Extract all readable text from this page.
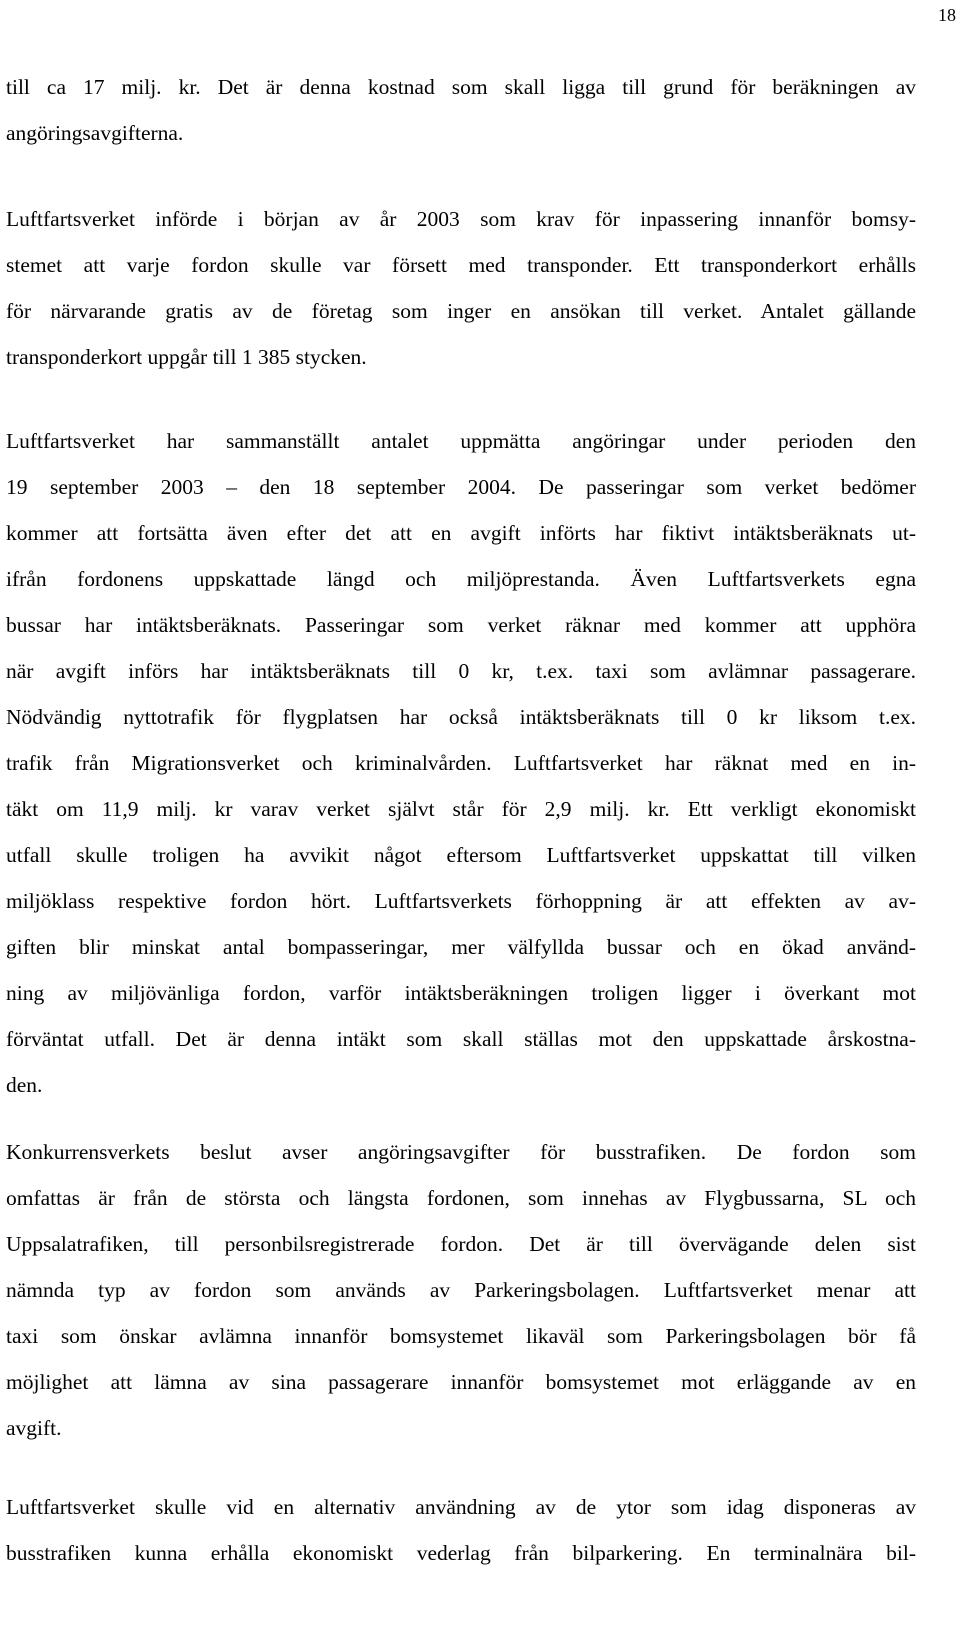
18
till ca 17 milj. kr. Det är denna kostnad som skall ligga till grund för beräkningen av
angöringsavgifterna.
Luftfartsverket införde i början av år 2003 som krav för inpassering innanför bomsy-
stemet att varje fordon skulle var försett med transponder. Ett transponderkort erhålls
för närvarande gratis av de företag som inger en ansökan till verket. Antalet gällande
transponderkort uppgår till 1 385 stycken.
Luftfartsverket har sammanställt antalet uppmätta angöringar under perioden den
19 september 2003 – den 18 september 2004. De passeringar som verket bedömer
kommer att fortsätta även efter det att en avgift införts har fiktivt intäktsberäknats ut-
ifrån fordonens uppskattade längd och miljöprestanda. Även Luftfartsverkets egna
bussar har intäktsberäknats. Passeringar som verket räknar med kommer att upphöra
när avgift införs har intäktsberäknats till 0 kr, t.ex. taxi som avlämnar passagerare.
Nödvändig nyttotrafik för flygplatsen har också intäktsberäknats till 0 kr liksom t.ex.
trafik från Migrationsverket och kriminalvården. Luftfartsverket har räknat med en in-
täkt om 11,9 milj. kr varav verket självt står för 2,9 milj. kr. Ett verkligt ekonomiskt
utfall skulle troligen ha avvikit något eftersom Luftfartsverket uppskattat till vilken
miljöklass respektive fordon hört. Luftfartsverkets förhoppning är att effekten av av-
giften blir minskat antal bompasseringar, mer välfyllda bussar och en ökad använd-
ning av miljövänliga fordon, varför intäktsberäkningen troligen ligger i överkant mot
förväntat utfall. Det är denna intäkt som skall ställas mot den uppskattade årskostna-
den.
Konkurrensverkets beslut avser angöringsavgifter för busstrafiken. De fordon som
omfattas är från de största och längsta fordonen, som innehas av Flygbussarna, SL och
Uppsalatrafiken, till personbilsregistrerade fordon. Det är till övervägande delen sist
nämnda typ av fordon som används av Parkeringsbolagen. Luftfartsverket menar att
taxi som önskar avlämna innanför bomsystemet likaväl som Parkeringsbolagen bör få
möjlighet att lämna av sina passagerare innanför bomsystemet mot erläggande av en
avgift.
Luftfartsverket skulle vid en alternativ användning av de ytor som idag disponeras av
busstrafiken kunna erhålla ekonomiskt vederlag från bilparkering. En terminalnära bil-
